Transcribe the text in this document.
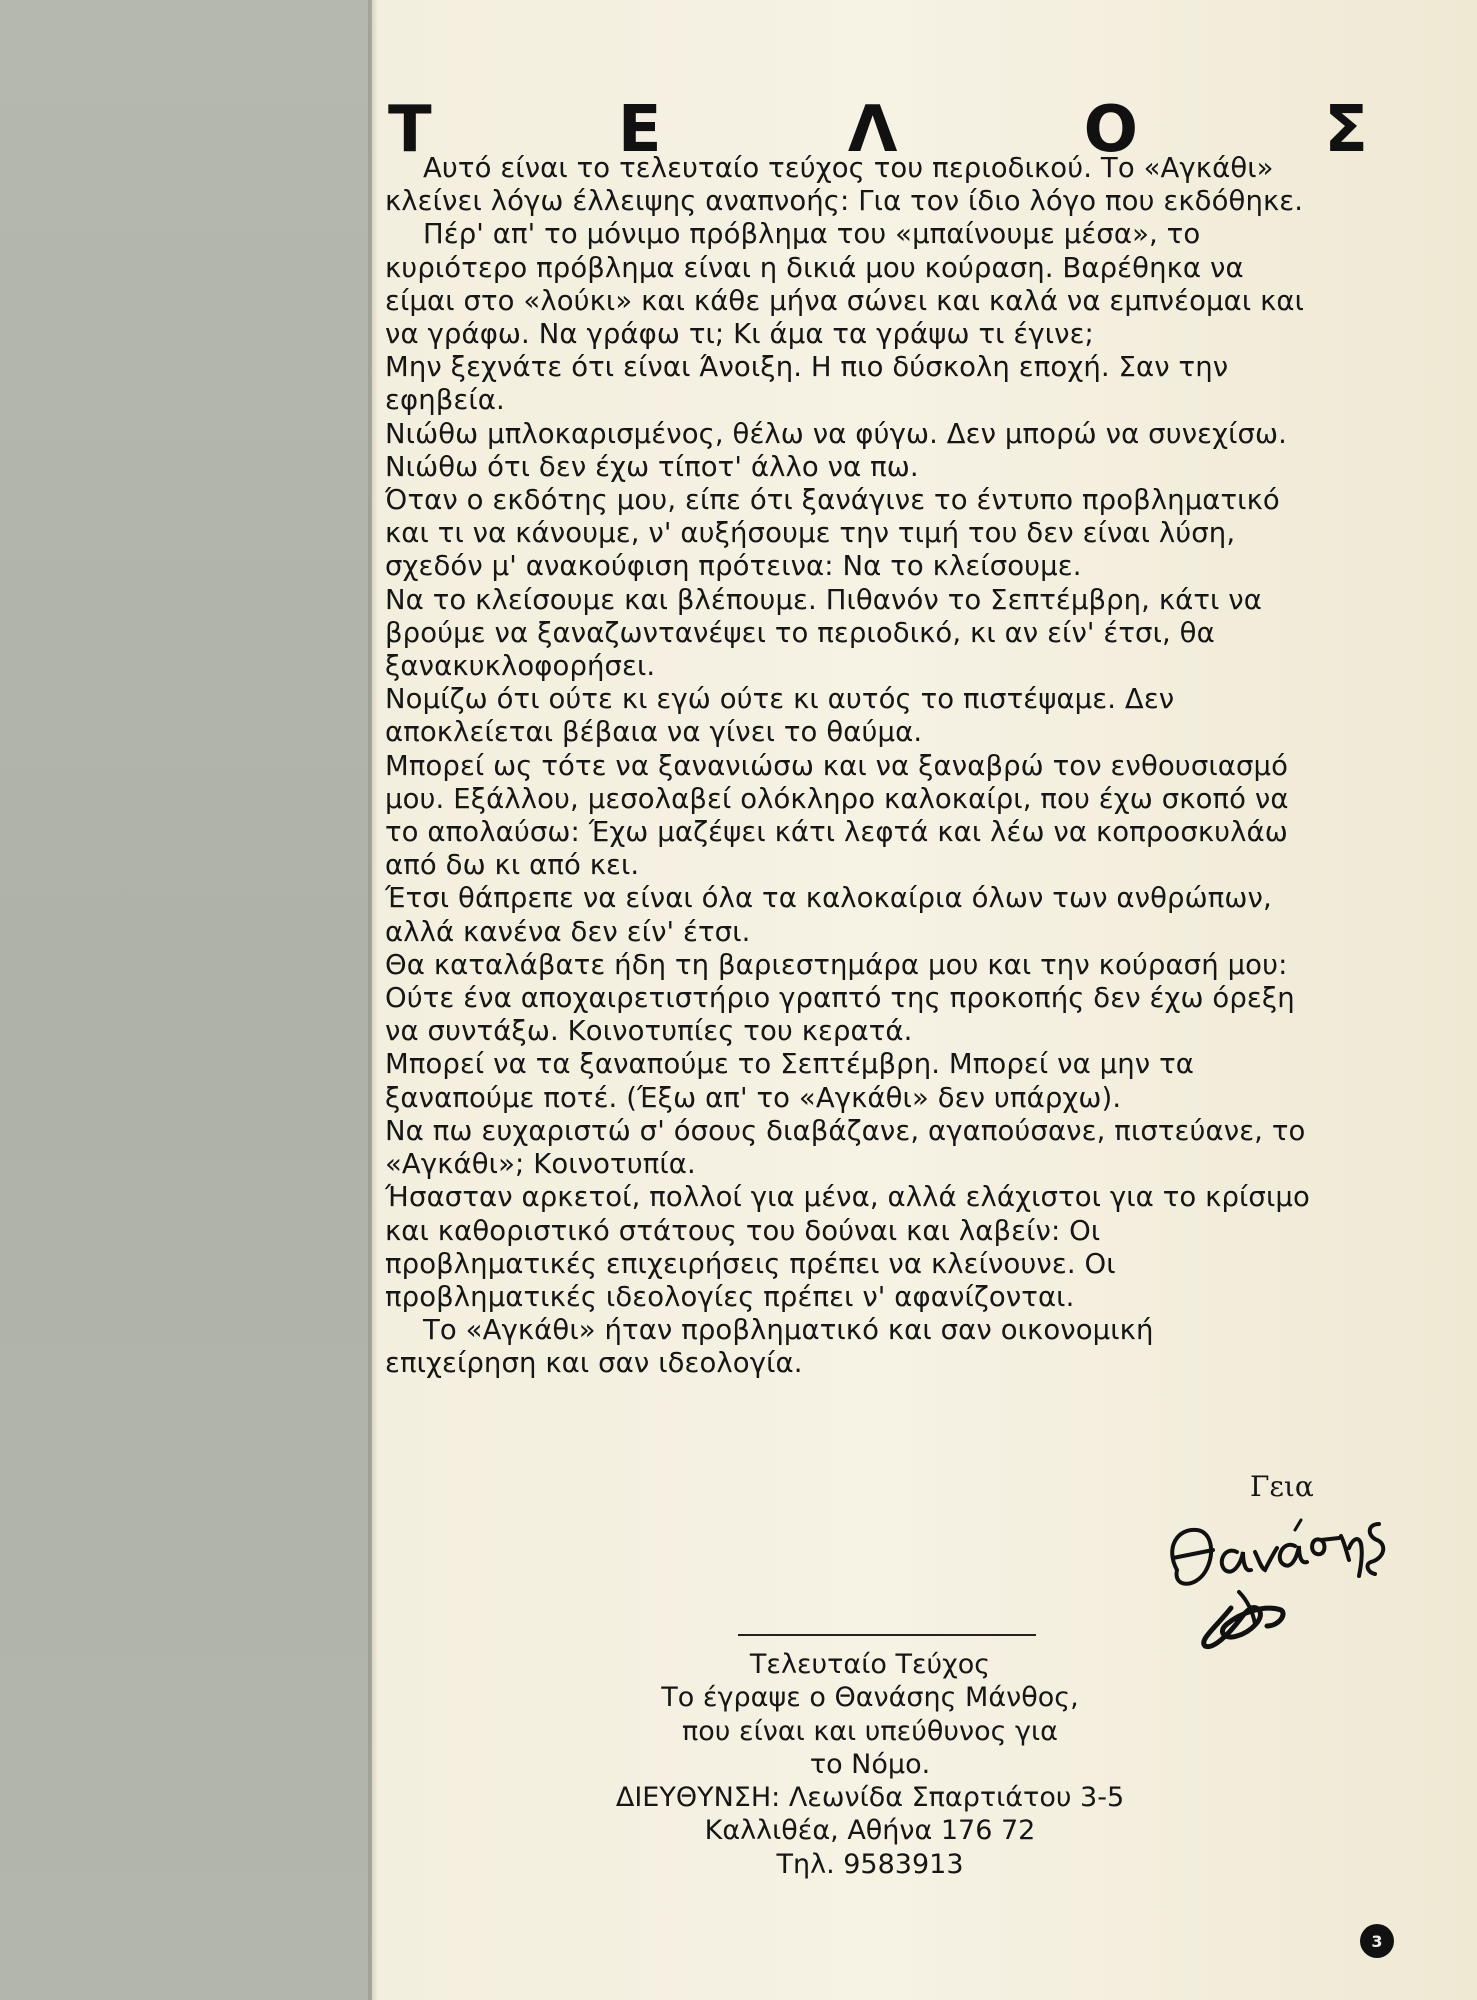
Τ	Ε	Λ	Ο	Σ

Αυτό είναι το τελευταίο τεύχος του περιοδικού. Το «Αγκάθι» κλείνει λόγω έλλειψης αναπνοής: Για τον ίδιο λόγο που εκδόθηκε.

Πέρ' απ' το μόνιμο πρόβλημα του «μπαίνουμε μέσα», το κυριότερο πρόβλημα είναι η δικιά μου κούραση. Βαρέθηκα να είμαι στο «λούκι» και κάθε μήνα σώνει και καλά να εμπνέομαι και να γράφω. Να γράφω τι; Κι άμα τα γράψω τι έγινε;

Μην ξεχνάτε ότι είναι Άνοιξη. Η πιο δύσκολη εποχή. Σαν την εφηβεία.

Νιώθω μπλοκαρισμένος, θέλω να φύγω. Δεν μπορώ να συνεχίσω. Νιώθω ότι δεν έχω τίποτ' άλλο να πω.

Όταν ο εκδότης μου, είπε ότι ξανάγινε το έντυπο προβληματικό και τι να κάνουμε, ν' αυξήσουμε την τιμή του δεν είναι λύση, σχεδόν μ' ανακούφιση πρότεινα: Να το κλείσουμε.

Να το κλείσουμε και βλέπουμε. Πιθανόν το Σεπτέμβρη, κάτι να βρούμε να ξαναζωντανέψει το περιοδικό, κι αν είν' έτσι, θα ξανακυκλοφορήσει.

Νομίζω ότι ούτε κι εγώ ούτε κι αυτός το πιστέψαμε. Δεν αποκλείεται βέβαια να γίνει το θαύμα.

Μπορεί ως τότε να ξανανιώσω και να ξαναβρώ τον ενθουσιασμό μου. Εξάλλου, μεσολαβεί ολόκληρο καλοκαίρι, που έχω σκοπό να το απολαύσω: Έχω μαζέψει κάτι λεφτά και λέω να κοπροσκυλάω από δω κι από κει.

Έτσι θάπρεπε να είναι όλα τα καλοκαίρια όλων των ανθρώπων, αλλά κανένα δεν είν' έτσι.

Θα καταλάβατε ήδη τη βαριεστημάρα μου και την κούρασή μου: Ούτε ένα αποχαιρετιστήριο γραπτό της προκοπής δεν έχω όρεξη να συντάξω. Κοινοτυπίες του κερατά.

Μπορεί να τα ξαναπούμε το Σεπτέμβρη. Μπορεί να μην τα ξαναπούμε ποτέ. (Έξω απ' το «Αγκάθι» δεν υπάρχω).

Να πω ευχαριστώ σ' όσους διαβάζανε, αγαπούσανε, πιστεύανε, το «Αγκάθι»; Κοινοτυπία.

Ήσασταν αρκετοί, πολλοί για μένα, αλλά ελάχιστοι για το κρίσιμο και καθοριστικό στάτους του δούναι και λαβείν: Οι προβληματικές επιχειρήσεις πρέπει να κλείνουνε. Οι προβληματικές ιδεολογίες πρέπει ν' αφανίζονται.

Το «Αγκάθι» ήταν προβληματικό και σαν οικονομική επιχείρηση και σαν ιδεολογία.

Γεια
Τελευταίο Τεύχος
Το έγραψε ο Θανάσης Μάνθος,
που είναι και υπεύθυνος για
το Νόμο.
ΔΙΕΥΘΥΝΣΗ: Λεωνίδα Σπαρτιάτου 3-5
Καλλιθέα, Αθήνα 176 72
Τηλ. 9583913
3
